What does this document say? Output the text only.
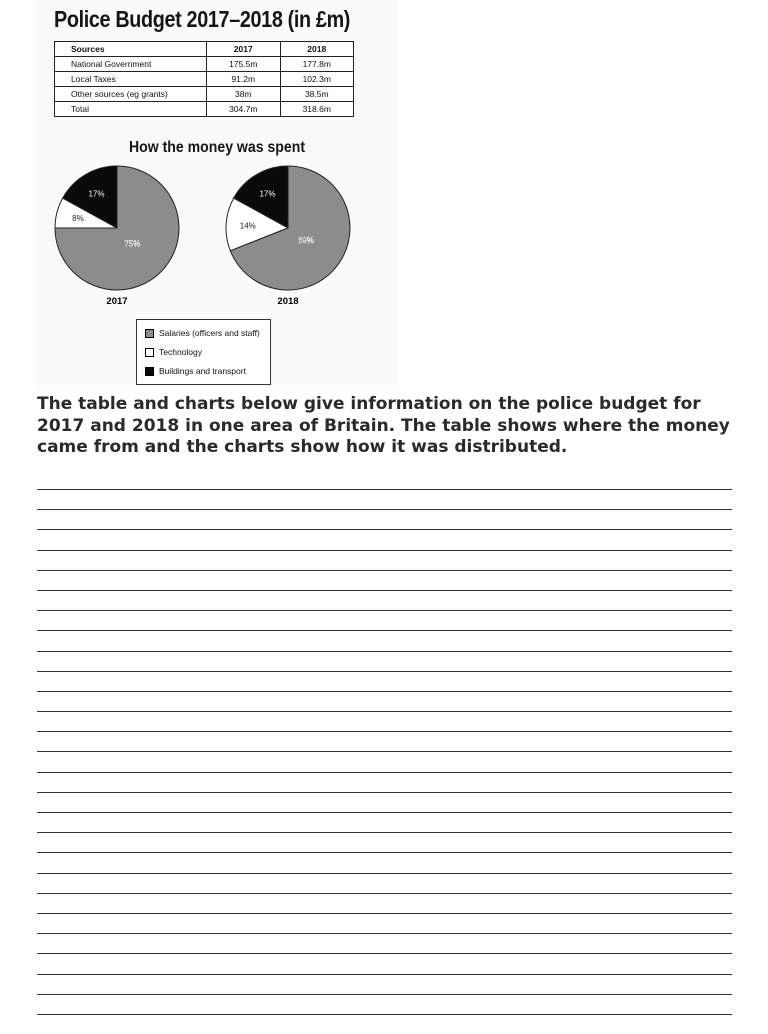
Police Budget 2017–2018 (in £m)
Sources	2017	2018
National Government	175.5m	177.8m
Local Taxes	91.2m	102.3m
Other sources (eg grants)	38m	38.5m
Total	304.7m	318.6m
How the money was spent
17%
8%
75%
2017
17%
14%
69%
2018
Salaries (officers and staff)
Technology
Buildings and transport

The table and charts below give information on the police budget for 2017 and 2018 in one area of Britain. The table shows where the money came from and the charts show how it was distributed.
